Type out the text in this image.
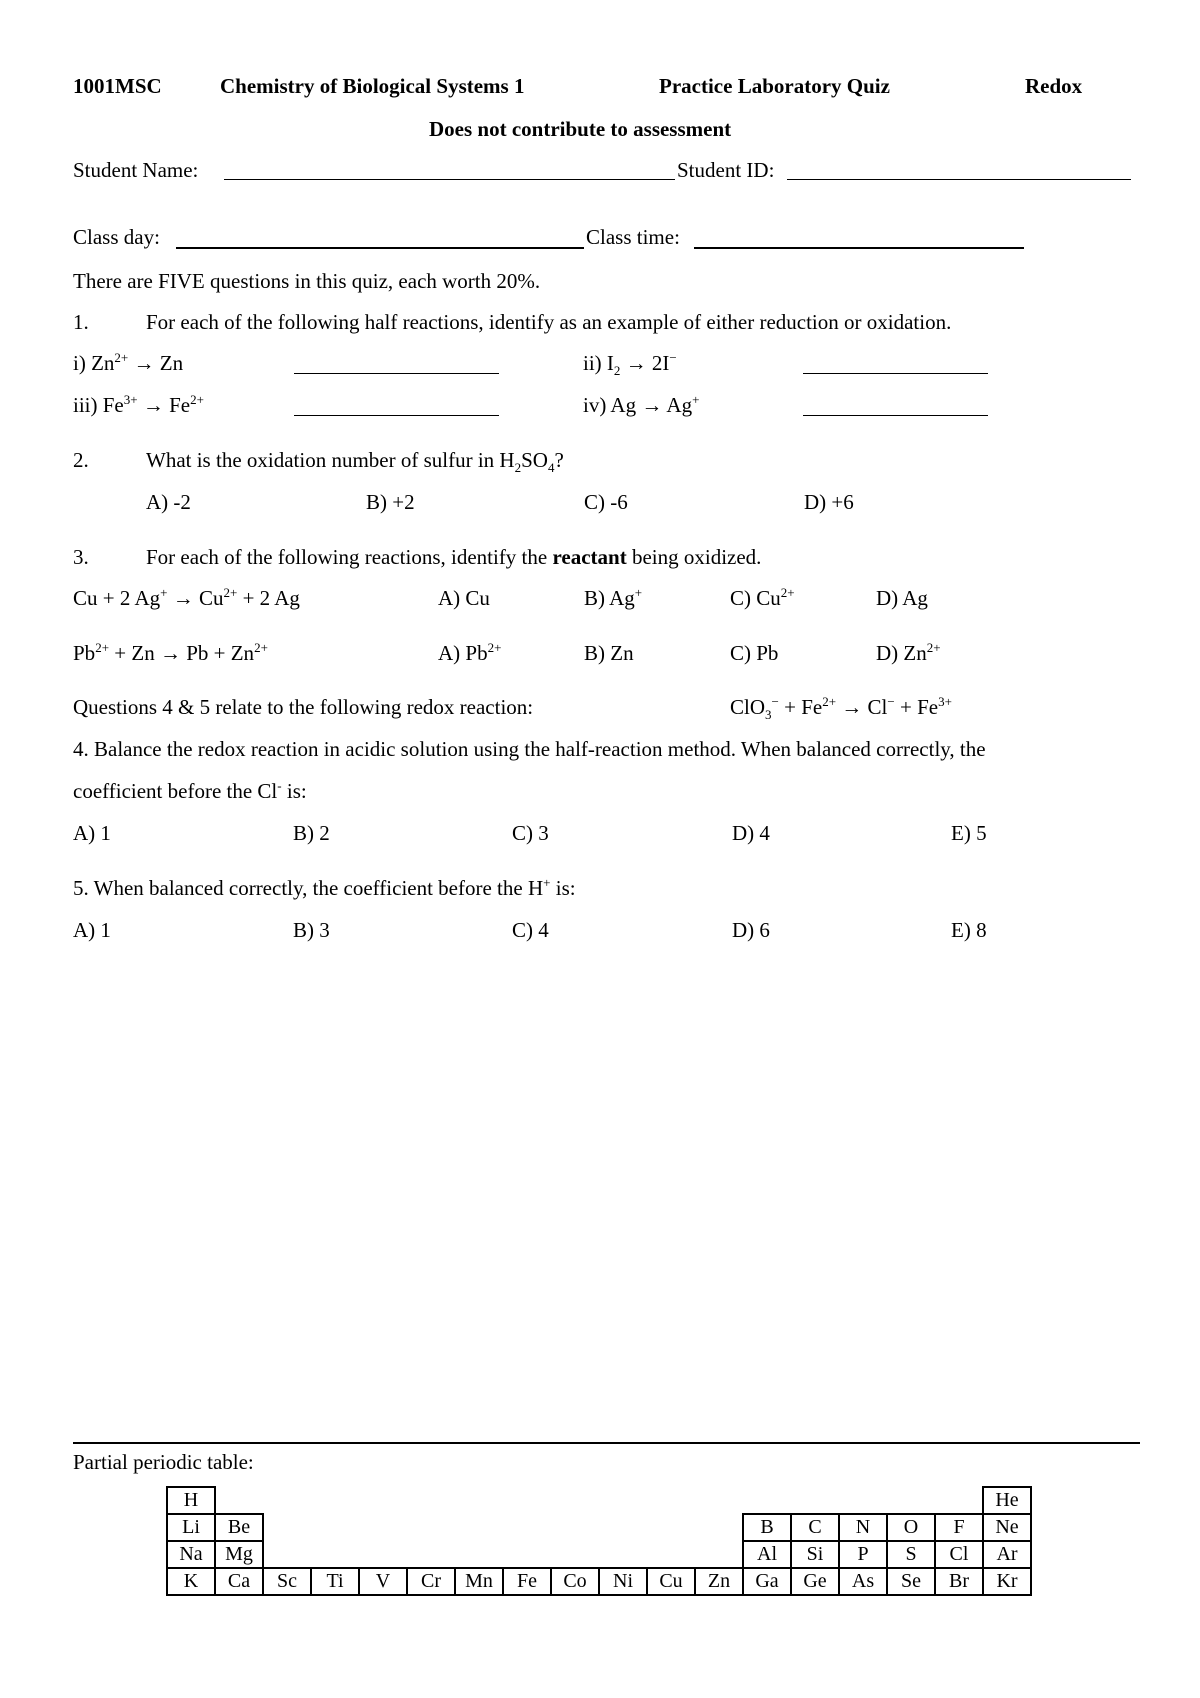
1001MSC	Chemistry of Biological Systems 1	Practice Laboratory Quiz	Redox
Does not contribute to assessment
Student Name:	Student ID:
Class day:	Class time:
There are FIVE questions in this quiz, each worth 20%.
1.	For each of the following half reactions, identify as an example of either reduction or oxidation.
i) $Zn^{2+} \to Zn$	ii) $I_2 \to 2I^-$
iii) $Fe^{3+} \to Fe^{2+}$	iv) Ag → Ag+
2.	What is the oxidation number of sulfur in $H_2SO_4$?
A) -2	B) +2	C) -6	D) +6
3.	For each of the following reactions, identify the reactant being oxidized.
Cu + 2 $Ag^+ \to Cu^{2+} + 2$ Ag	A) Cu	B) Ag+	C) $Cu^{2+}$	D) Ag
$Pb^{2+} + Zn \to Pb + Zn^{2+}$	A) $Pb^{2+}$	B) Zn	C) Pb	D) $Zn^{2+}$
Questions 4 & 5 relate to the following redox reaction:	$ClO_3^- + Fe^{2+} \to Cl^- + Fe^{3+}$
4. Balance the redox reaction in acidic solution using the half-reaction method. When balanced correctly, the
coefficient before the Cl- is:
A) 1	B) 2	C) 3	D) 4	E) 5
5. When balanced correctly, the coefficient before the H+ is:
A) 1	B) 3	C) 4	D) 6	E) 8
Partial periodic table:
H																	He
Li	Be											B	C	N	O	F	Ne
Na	Mg											Al	Si	P	S	Cl	Ar
K	Ca	Sc	Ti	V	Cr	Mn	Fe	Co	Ni	Cu	Zn	Ga	Ge	As	Se	Br	Kr
